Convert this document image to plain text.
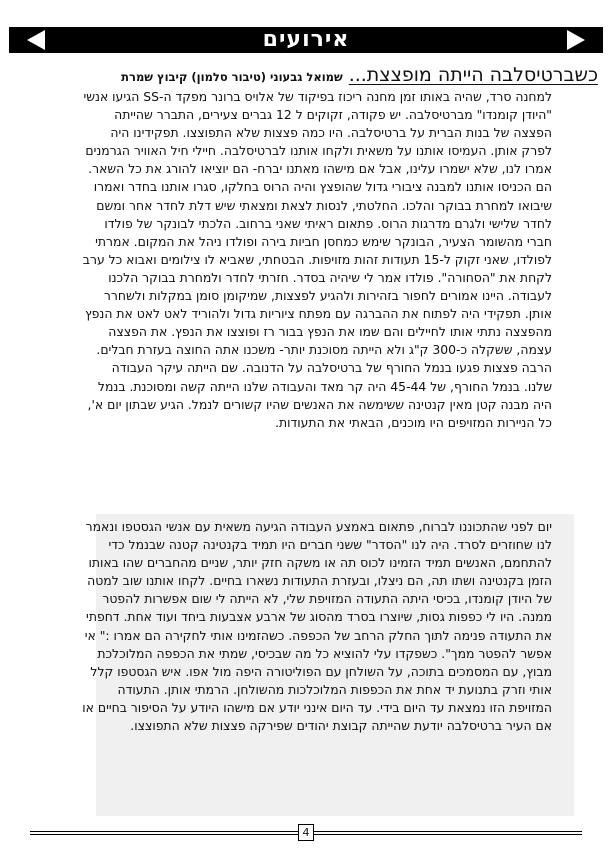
אירועים
כשברטיסלבה הייתה מופצצת...
שמואל גבעוני (טיבור סלמון) קיבוץ שמרת

למחנה סרד, שהיה באותו זמן מחנה ריכוז בפיקוד של אלויס ברונר מפקד ה-SS הגיעו אנשי "היודן קומנדו" מברטיסלבה. יש פקודה, זקוקים ל 12 גברים צעירים, התברר שהייתה הפצצה של בנות הברית על ברטיסלבה. היו כמה פצצות שלא התפוצצו. תפקידינו היה לפרק אותן. העמיסו אותנו על משאית ולקחו אותנו לברטיסלבה. חיילי חיל האוויר הגרמנים אמרו לנו, שלא ישמרו עלינו, אבל אם מישהו מאתנו יברח- הם יוציאו להורג את כל השאר. הם הכניסו אותנו למבנה ציבורי גדול שהופצץ והיה הרוס בחלקו, סגרו אותנו בחדר ואמרו שיבואו למחרת בבוקר והלכו. החלטתי, לנסות לצאת ומצאתי שיש דלת לחדר אחר ומשם לחדר שלישי ולגרם מדרגות הרוס. פתאום ראיתי שאני ברחוב. הלכתי לבונקר של פולדו חברי מהשומר הצעיר, הבונקר שימש כמחסן חביות בירה ופולדו ניהל את המקום. אמרתי לפולדו, שאני זקוק ל-15 תעודות זהות מזויפות. הבטחתי, שאביא לו צילומים ואבוא כל ערב לקחת את "הסחורה". פולדו אמר לי שיהיה בסדר. חזרתי לחדר ולמחרת בבוקר הלכנו לעבודה. היינו אמורים לחפור בזהירות ולהגיע לפצצות, שמיקומן סומן במקלות ולשחרר אותן. תפקידי היה לפתוח את ההברגה עם מפתח ציוריות גדול ולהוריד לאט לאט את הנפץ מהפצצה נתתי אותו לחיילים והם שמו את הנפץ בבור רז ופוצצו את הנפץ. את הפצצה עצמה, ששקלה כ-300 ק"ג ולא הייתה מסוכנת יותר- משכנו אתה החוצה בעזרת חבלים.

הרבה פצצות פגעו בנמל החורף של ברטיסלבה על הדנובה. שם הייתה עיקר העבודה שלנו. בנמל החורף, של 45-44 היה קר מאד והעבודה שלנו הייתה קשה ומסוכנת. בנמל היה מבנה קטן מאין קנטינה ששימשה את האנשים שהיו קשורים לנמל. הגיע שבתון יום א', כל הניירות המזויפים היו מוכנים, הבאתי את התעודות.

יום לפני שהתכוננו לברוח, פתאום באמצע העבודה הגיעה משאית עם אנשי הגסטפו ונאמר לנו שחוזרים לסרד. היה לנו "הסדר" ששני חברים היו תמיד בקנטינה קטנה שבנמל כדי להתחמם, האנשים תמיד הזמינו לכוס תה או משקה חזק יותר, שניים מהחברים שהו באותו הזמן בקנטינה ושתו תה, הם ניצלו, ובעזרת התעודות נשארו בחיים. לקחו אותנו שוב למטה של היודן קומנדו, בכיסי היתה התעודה המזויפת שלי, לא הייתה לי שום אפשרות להפטר ממנה. היו לי כפפות גסות, שיוצרו בסרד מהסוג של ארבע אצבעות ביחד ועוד אחת. דחפתי את התעודה פנימה לתוך החלק הרחב של הכפפה. כשהזמינו אותי לחקירה הם אמרו :" אי אפשר להפטר ממך". כשפקדו עלי להוציא כל מה שבכיסי, שמתי את הכפפה המלוכלכת מבוץ, עם המסמכים בתוכה, על השולחן עם הפוליטורה היפה מול אפו. איש הגסטפו קלל אותי וזרק בתנועת יד אחת את הכפפות המלוכלכות מהשולחן. הרמתי אותן. התעודה המזויפת הזו נמצאת עד היום בידי. עד היום אינני יודע אם מישהו היודע על הסיפור בחיים או אם העיר ברטיסלבה יודעת שהייתה קבוצת יהודים שפירקה פצצות שלא התפוצצו.

4
